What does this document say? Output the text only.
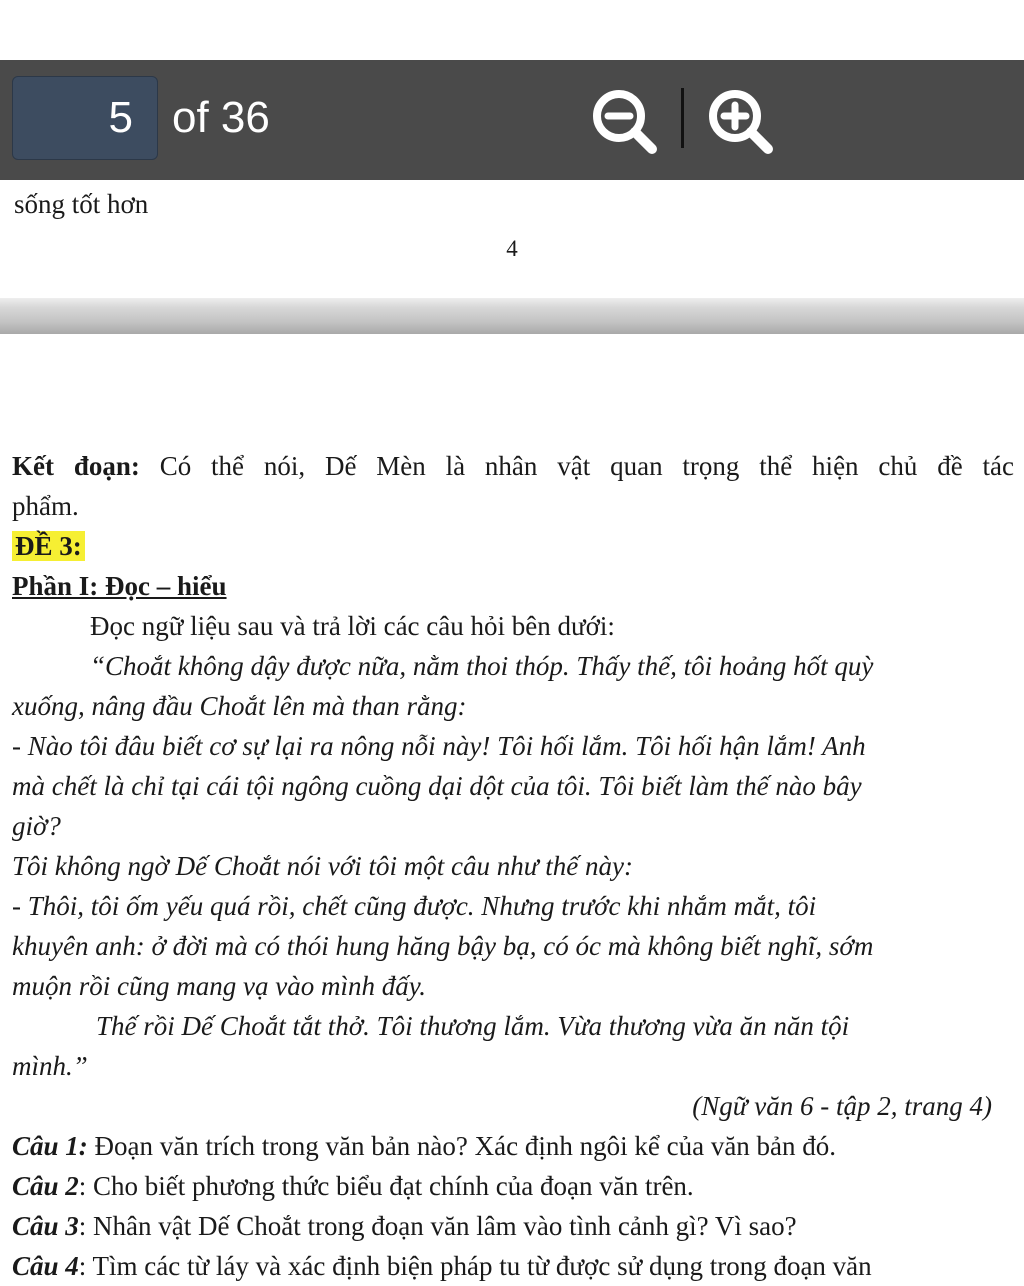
5 of 36
sống tốt hơn
4
Kết đoạn: Có thể nói, Dế Mèn là nhân vật quan trọng thể hiện chủ đề tác
phẩm.
ĐỀ 3:
Phần I: Đọc – hiểu
Đọc ngữ liệu sau và trả lời các câu hỏi bên dưới:
“Choắt không dậy được nữa, nằm thoi thóp. Thấy thế, tôi hoảng hốt quỳ
xuống, nâng đầu Choắt lên mà than rằng:
- Nào tôi đâu biết cơ sự lại ra nông nỗi này! Tôi hối lắm. Tôi hối hận lắm! Anh
mà chết là chỉ tại cái tội ngông cuồng dại dột của tôi. Tôi biết làm thế nào bây
giờ?
Tôi không ngờ Dế Choắt nói với tôi một câu như thế này:
- Thôi, tôi ốm yếu quá rồi, chết cũng được. Nhưng trước khi nhắm mắt, tôi
khuyên anh: ở đời mà có thói hung hăng bậy bạ, có óc mà không biết nghĩ, sớm
muộn rồi cũng mang vạ vào mình đấy.
Thế rồi Dế Choắt tắt thở. Tôi thương lắm. Vừa thương vừa ăn năn tội
mình.”
(Ngữ văn 6 - tập 2, trang 4)
Câu 1: Đoạn văn trích trong văn bản nào? Xác định ngôi kể của văn bản đó.
Câu 2: Cho biết phương thức biểu đạt chính của đoạn văn trên.
Câu 3: Nhân vật Dế Choắt trong đoạn văn lâm vào tình cảnh gì? Vì sao?
Câu 4: Tìm các từ láy và xác định biện pháp tu từ được sử dụng trong đoạn văn
